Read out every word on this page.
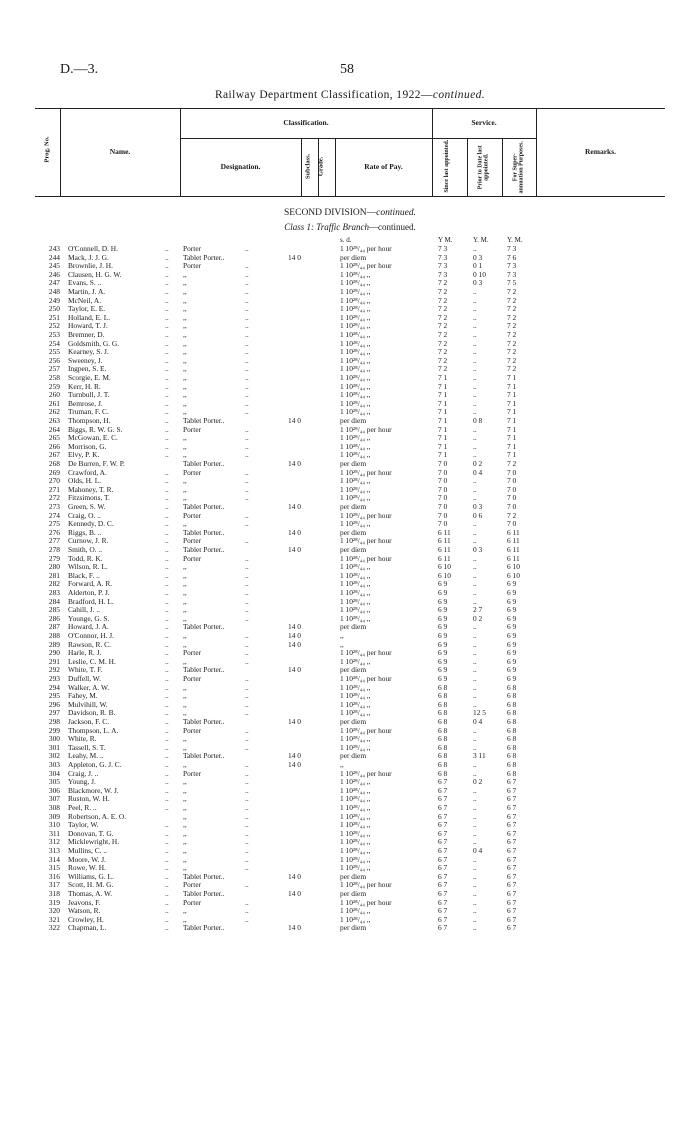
D.—3.	58
Railway Department Classification, 1922—continued.
Prog. No.	Name.
Classification.
Designation.	Subclass. Grade.	Rate of Pay.
Service.
Since last appointed.	Prior to Date last appointed.	For Super- annuation Purposes.	Remarks.
SECOND DIVISION—continued.
Class 1: Traffic Branch—continued.
s. d.	Y M.	Y. M.	Y. M.
243 O'Connell, D. H.	.. Porter	..	1 10²⁸/₄₄ per hour	7 3	..	7 3
244 Mack, J. J. G.	.. Tablet Porter..	14 0	per diem	7 3	0 3	7 6
245 Brownlie, J. H.	.. Porter	..	1 10²⁸/₄₄ per hour	7 3	0 1	7 3
246 Clausen, H. G. W.	.. ,,	..	1 10²⁸/₄₄ ,,	7 3	0 10	7 3
247 Evans, S. ..	.. ,,	..	1 10²⁸/₄₄ ,,	7 2	0 3	7 5
248 Martin, J. A.	.. ,,	..	1 10²⁸/₄₄ ,,	7 2	..	7 2
249 McNeil, A.	.. ,,	..	1 10²⁸/₄₄ ,,	7 2	..	7 2
250 Taylor, E. E.	.. ,,	..	1 10²⁸/₄₄ ,,	7 2	..	7 2
251 Holland, E. L.	.. ,,	..	1 10²⁸/₄₄ ,,	7 2	..	7 2
252 Howard, T. J.	.. ,,	..	1 10²⁸/₄₄ ,,	7 2	..	7 2
253 Bremner, D.	.. ,,	..	1 10²⁸/₄₄ ,,	7 2	..	7 2
254 Goldsmith, G. G.	.. ,,	..	1 10²⁸/₄₄ ,,	7 2	..	7 2
255 Kearney, S. J.	.. ,,	..	1 10²⁸/₄₄ ,,	7 2	..	7 2
256 Sweeney, J.	.. ,,	..	1 10²⁸/₄₄ ,,	7 2	..	7 2
257 Ingpen, S. E.	.. ,,	..	1 10²⁸/₄₄ ,,	7 2	..	7 2
258 Scorgie, E. M.	.. ,,	..	1 10²⁸/₄₄ ,,	7 1	..	7 1
259 Kerr, H. R.	.. ,,	..	1 10²⁸/₄₄ ,,	7 1	..	7 1
260 Turnbull, J. T.	.. ,,	..	1 10²⁸/₄₄ ,,	7 1	..	7 1
261 Bemrose, J.	.. ,,	..	1 10²⁸/₄₄ ,,	7 1	..	7 1
262 Truman, F. C.	.. ,,	..	1 10²⁸/₄₄ ,,	7 1	..	7 1
263 Thompson, H.	.. Tablet Porter..	14 0	per diem	7 1	0 8	7 1
264 Biggs, R. W. G. S.	.. Porter	..	1 10²⁸/₄₄ per hour	7 1	..	7 1
265 McGowan, E. C.	.. ,,	..	1 10²⁸/₄₄ ,,	7 1	..	7 1
266 Morrison, G.	.. ,,	..	1 10²⁸/₄₄ ,,	7 1	..	7 1
267 Elvy, P. K.	.. ,,	..	1 10²⁸/₄₄ ,,	7 1	..	7 1
268 De Burren, F. W. P.	Tablet Porter..	14 0	per diem	7 0	0 2	7 2
269 Crawford, A.	.. Porter	..	1 10²⁸/₄₄ per hour	7 0	0 4	7 0
270 Olds, H. L.	.. ,,	..	1 10²⁸/₄₄ ,,	7 0	..	7 0
271 Mahoney, T. R.	.. ,,	..	1 10²⁸/₄₄ ,,	7 0	..	7 0
272 Fitzsimons, T.	.. ,,	..	1 10²⁸/₄₄ ,,	7 0	..	7 0
273 Green, S. W.	.. Tablet Porter..	14 0	per diem	7 0	0 3	7 0
274 Craig, O. ..	.. Porter	..	1 10²⁸/₄₄ per hour	7 0	0 6	7 2
275 Kennedy, D. C.	.. ,,	..	1 10²⁸/₄₄ ,,	7 0	..	7 0
276 Riggs, B. ..	.. Tablet Porter..	14 0	per diem	6 11	..	6 11
277 Curnow, J. R.	.. Porter	..	1 10²⁸/₄₄ per hour	6 11	..	6 11
278 Smith, O. ..	.. Tablet Porter..	14 0	per diem	6 11	0 3	6 11
279 Todd, R. K.	.. Porter	..	1 10²⁸/₄₄ per hour	6 11	..	6 11
280 Wilson, R. L.	.. ,,	..	1 10²⁸/₄₄ ,,	6 10	..	6 10
281 Black, F. ..	.. ,,	..	1 10²⁸/₄₄ ,,	6 10	..	6 10
282 Forward, A. R.	.. ,,	..	1 10²⁸/₄₄ ,,	6 9	..	6 9
283 Alderton, P. J.	.. ,,	..	1 10²⁸/₄₄ ,,	6 9	..	6 9
284 Bradford, H. L.	.. ,,	..	1 10²⁸/₄₄ ,,	6 9	..	6 9
285 Cahill, J. ..	.. ,,	..	1 10²⁸/₄₄ ,,	6 9	2 7	6 9
286 Younge, G. S.	.. ,,	..	1 10²⁸/₄₄ ,,	6 9	0 2	6 9
287 Howard, J. A.	.. Tablet Porter..	14 0	per diem	6 9	..	6 9
288 O'Connor, H. J.	.. ,,	..	14 0	,,	6 9	..	6 9
289 Rawson, R. C.	.. ,,	..	14 0	,,	6 9	..	6 9
290 Harle, R. J.	.. Porter	..	1 10²⁸/₄₄ per hour	6 9	..	6 9
291 Leslie, C. M. H.	.. ,,	..	1 10²⁸/₄₄ ,,	6 9	..	6 9
292 White, T. F.	.. Tablet Porter..	14 0	per diem	6 9	..	6 9
293 Duffell, W.	.. Porter	..	1 10²⁸/₄₄ per hour	6 9	..	6 9
294 Walker, A. W.	.. ,,	..	1 10²⁸/₄₄ ,,	6 8	..	6 8
295 Fahey, M.	.. ,,	..	1 10²⁸/₄₄ ,,	6 8	..	6 8
296 Mulvihill, W.	.. ,,	..	1 10²⁸/₄₄ ,,	6 8	..	6 8
297 Davidson, R. B.	.. ,,	..	1 10²⁸/₄₄ ,,	6 8	12 5	6 8
298 Jackson, F. C.	.. Tablet Porter..	14 0	per diem	6 8	0 4	6 8
299 Thompson, L. A.	.. Porter	..	1 10²⁸/₄₄ per hour	6 8	..	6 8
300 White, R.	.. ,,	..	1 10²⁸/₄₄ ,,	6 8	..	6 8
301 Tassell, S. T.	.. ,,	..	1 10²⁸/₄₄ ,,	6 8	..	6 8
302 Leahy, M. ..	.. Tablet Porter..	14 0	per diem	6 8	3 11	6 8
303 Appleton, G. J. C.	.. ,,	..	14 0	,,	6 8	..	6 8
304 Craig, J. ..	.. Porter	..	1 10²⁸/₄₄ per hour	6 8	..	6 8
305 Young, J.	.. ,,	..	1 10²⁸/₄₄ ,,	6 7	0 2	6 7
306 Blackmore, W. J.	.. ,,	..	1 10²⁸/₄₄ ,,	6 7	..	6 7
307 Ruston, W. H.	.. ,,	..	1 10²⁸/₄₄ ,,	6 7	..	6 7
308 Peel, R. ..	.. ,,	..	1 10²⁸/₄₄ ,,	6 7	..	6 7
309 Robertson, A. E. O.	,,	..	1 10²⁸/₄₄ ,,	6 7	..	6 7
310 Taylor, W.	.. ,,	..	1 10²⁸/₄₄ ,,	6 7	..	6 7
311 Donovan, T. G.	.. ,,	..	1 10²⁸/₄₄ ,,	6 7	..	6 7
312 Micklewright, H.	.. ,,	..	1 10²⁸/₄₄ ,,	6 7	..	6 7
313 Mullins, C. ..	.. ,,	..	1 10²⁸/₄₄ ,,	6 7	0 4	6 7
314 Moore, W. J.	.. ,,	..	1 10²⁸/₄₄ ,,	6 7	..	6 7
315 Rowe, W. H.	.. ,,	..	1 10²⁸/₄₄ ,,	6 7	..	6 7
316 Williams, G. L.	.. Tablet Porter..	14 0	per diem	6 7	..	6 7
317 Scott, H. M. G.	.. Porter	..	1 10²⁸/₄₄ per hour	6 7	..	6 7
318 Thomas, A. W.	.. Tablet Porter..	14 0	per diem	6 7	..	6 7
319 Jeavons, F.	.. Porter	..	1 10²⁸/₄₄ per hour	6 7	..	6 7
320 Watson, R.	.. ,,	..	1 10²⁸/₄₄ ,,	6 7	..	6 7
321 Crowley, H.	.. ,,	..	1 10²⁸/₄₄ ,,	6 7	..	6 7
322 Chapman, L.	.. Tablet Porter..	14 0	per diem	6 7	..	6 7
